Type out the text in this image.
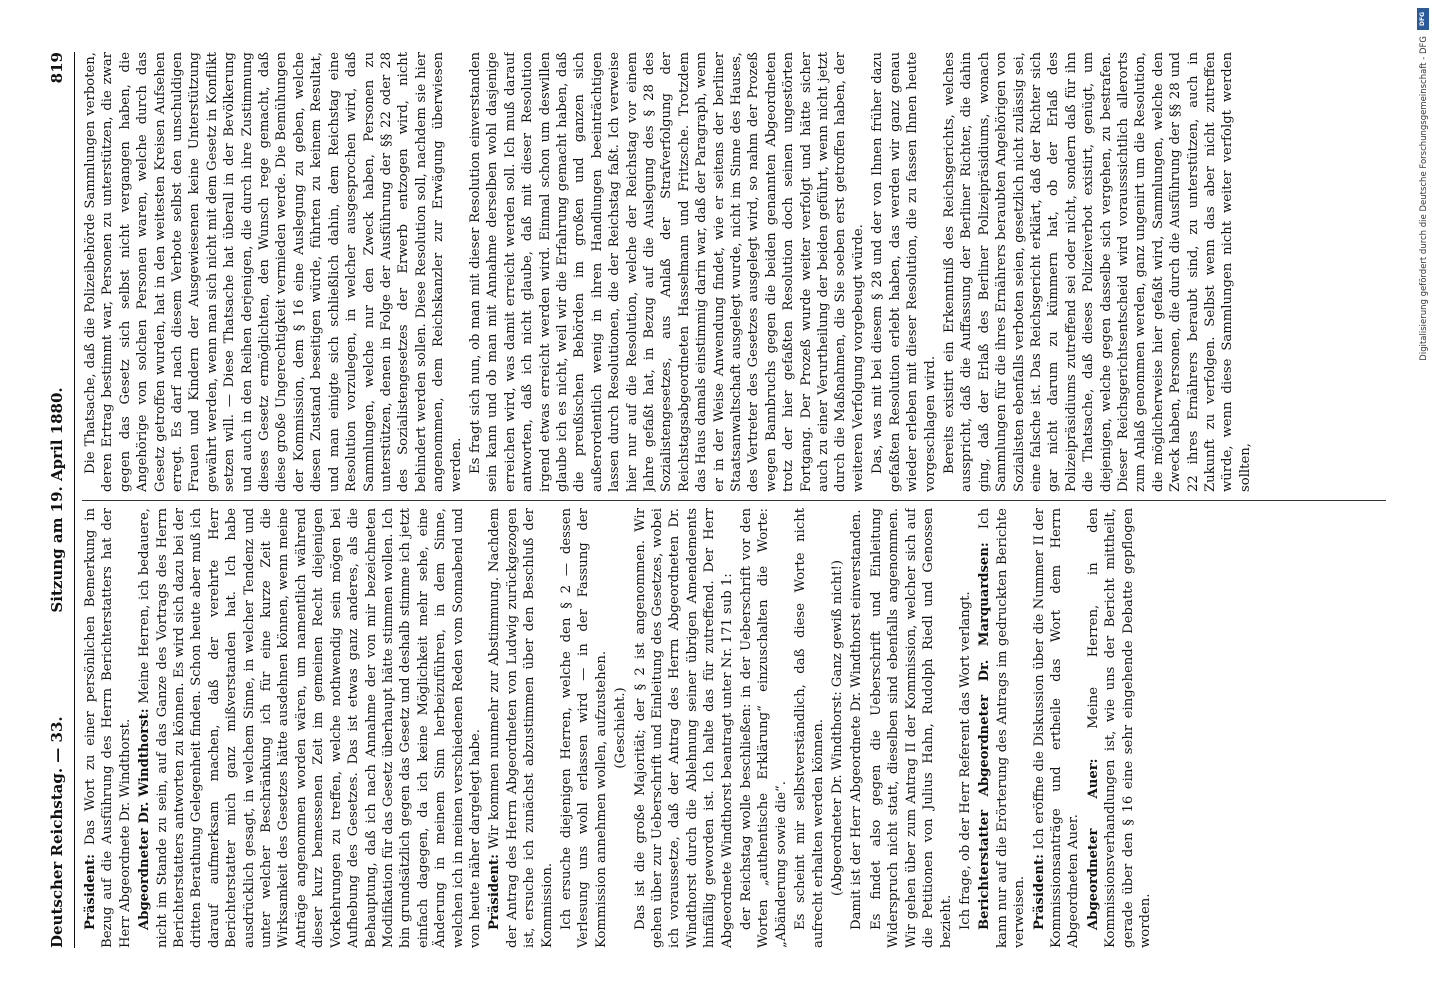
Deutscher Reichstag. — 33.
Sitzung am 19. April 1880.
819

Präsident: Das Wort zu einer persönlichen Bemerkung in Bezug auf die Ausführung des Herrn Berichterstatters hat der Herr Abgeordnete Dr. Windthorst. Abgeordneter Dr. Windthorst: Meine Herren, ich bedauere, nicht im Stande zu sein, auf das Ganze des Vortrags des Herrn Berichterstatters antworten zu können. Es wird sich dazu bei der dritten Berathung Gelegenheit finden. Schon heute aber muß ich darauf aufmerksam machen, daß der verehrte Herr Berichterstatter mich ganz mißverstanden hat. Ich habe ausdrücklich gesagt, in welchem Sinne, in welcher Tendenz und unter welcher Beschränkung ich für eine kurze Zeit die Wirksamkeit des Gesetzes hätte ausdehnen können, wenn meine Anträge angenommen worden wären, um namentlich während dieser kurz bemessenen Zeit im gemeinen Recht diejenigen Vorkehrungen zu treffen, welche nothwendig sein mögen bei Aufhebung des Gesetzes. Das ist etwas ganz anderes, als die Behauptung, daß ich nach Annahme der von mir bezeichneten Modifikation für das Gesetz überhaupt hätte stimmen wollen. Ich bin grundsätzlich gegen das Gesetz und deshalb stimme ich jetzt einfach dagegen, da ich keine Möglichkeit mehr sehe, eine Änderung in meinem Sinn herbeizuführen, in dem Sinne, welchen ich in meinen verschiedenen Reden vom Sonnabend und von heute näher dargelegt habe. Präsident: Wir kommen nunmehr zur Abstimmung. Nachdem der Antrag des Herrn Abgeordneten von Ludwig zurückgezogen ist, ersuche ich zunächst abzustimmen über den Beschluß der Kommission. Ich ersuche diejenigen Herren, welche den § 2 — dessen Verlesung uns wohl erlassen wird — in der Fassung der Kommission annehmen wollen, aufzustehen. (Geschieht.) Das ist die große Majorität; der § 2 ist angenommen. Wir gehen über zur Ueberschrift und Einleitung des Gesetzes, wobei ich voraussetze, daß der Antrag des Herrn Abgeordneten Dr. Windthorst durch die Ablehnung seiner übrigen Amendements hinfällig geworden ist. Ich halte das für zutreffend. Der Herr Abgeordnete Windthorst beantragt unter Nr. 171 sub 1: der Reichstag wolle beschließen: in der Ueberschrift vor den Worten „authentische Erklärung“ einzuschalten die Worte: „Abänderung sowie die“. Es scheint mir selbstverständlich, daß diese Worte nicht aufrecht erhalten werden können. (Abgeordneter Dr. Windthorst: Ganz gewiß nicht!) Damit ist der Herr Abgeordnete Dr. Windthorst einverstanden. Es findet also gegen die Ueberschrift und Einleitung Widerspruch nicht statt, dieselben sind ebenfalls angenommen. Wir gehen über zum Antrag II der Kommission, welcher sich auf die Petitionen von Julius Hahn, Rudolph Riedl und Genossen bezieht. Ich frage, ob der Herr Referent das Wort verlangt. Berichterstatter Abgeordneter Dr. Marquardsen: Ich kann nur auf die Erörterung des Antrags im gedruckten Berichte verweisen. Präsident: Ich eröffne die Diskussion über die Nummer II der Kommissionsanträge und ertheile das Wort dem Herrn Abgeordneten Auer. Abgeordneter Auer: Meine Herren, in den Kommissionsverhandlungen ist, wie uns der Bericht mittheilt, gerade über den § 16 eine sehr eingehende Debatte gepflogen worden.

Die Thatsache, daß die Polizeibehörde Sammlungen verboten, deren Ertrag bestimmt war, Personen zu unterstützen, die zwar gegen das Gesetz sich selbst nicht vergangen haben, die Angehörige von solchen Personen waren, welche durch das Gesetz getroffen wurden, hat in den weitesten Kreisen Aufsehen erregt. Es darf nach diesem Verbote selbst den unschuldigen Frauen und Kindern der Ausgewiesenen keine Unterstützung gewährt werden, wenn man sich nicht mit dem Gesetz in Konflikt setzen will. — Diese Thatsache hat überall in der Bevölkerung und auch in den Reihen derjenigen, die durch ihre Zustimmung dieses Gesetz ermöglichten, den Wunsch rege gemacht, daß diese große Ungerechtigkeit vermieden werde. Die Bemühungen der Kommission, dem § 16 eine Auslegung zu geben, welche diesen Zustand beseitigen würde, führten zu keinem Resultat, und man einigte sich schließlich dahin, dem Reichstag eine Resolution vorzulegen, in welcher ausgesprochen wird, daß Sammlungen, welche nur den Zweck haben, Personen zu unterstützen, denen in Folge der Ausführung der §§ 22 oder 28 des Sozialistengesetzes der Erwerb entzogen wird, nicht behindert werden sollen. Diese Resolution soll, nachdem sie hier angenommen, dem Reichskanzler zur Erwägung überwiesen werden. Es fragt sich nun, ob man mit dieser Resolution einverstanden sein kann und ob man mit Annahme derselben wohl dasjenige erreichen wird, was damit erreicht werden soll. Ich muß darauf antworten, daß ich nicht glaube, daß mit dieser Resolution irgend etwas erreicht werden wird. Einmal schon um deswillen glaube ich es nicht, weil wir die Erfahrung gemacht haben, daß die preußischen Behörden im großen und ganzen sich außerordentlich wenig in ihren Handlungen beeinträchtigen lassen durch Resolutionen, die der Reichstag faßt. Ich verweise hier nur auf die Resolution, welche der Reichstag vor einem Jahre gefaßt hat, in Bezug auf die Auslegung des § 28 des Sozialistengesetzes, aus Anlaß der Strafverfolgung der Reichstagsabgeordneten Hasselmann und Fritzsche. Trotzdem das Haus damals einstimmig darin war, daß der Paragraph, wenn er in der Weise Anwendung findet, wie er seitens der berliner Staatsanwaltschaft ausgelegt wurde, nicht im Sinne des Hauses, des Vertreter des Gesetzes ausgelegt wird, so nahm der Prozeß wegen Bannbruchs gegen die beiden genannten Abgeordneten trotz der hier gefaßten Resolution doch seinen ungestörten Fortgang. Der Prozeß wurde weiter verfolgt und hätte sicher auch zu einer Verurtheilung der beiden geführt, wenn nicht jetzt durch die Maßnahmen, die Sie soeben erst getroffen haben, der weiteren Verfolgung vorgebeugt würde. Das, was mit bei diesem § 28 und der von Ihnen früher dazu gefaßten Resolution erlebt haben, das werden wir ganz genau wieder erleben mit dieser Resolution, die zu fassen Ihnen heute vorgeschlagen wird. Bereits existirt ein Erkenntniß des Reichsgerichts, welches ausspricht, daß die Auffassung der Berliner Richter, die dahin ging, daß der Erlaß des Berliner Polizeipräsidiums, wonach Sammlungen für die ihres Ernährers beraubten Angehörigen von Sozialisten ebenfalls verboten seien, gesetzlich nicht zulässig sei, eine falsche ist. Das Reichsgericht erklärt, daß der Richter sich gar nicht darum zu kümmern hat, ob der Erlaß des Polizeipräsidiums zutreffend sei oder nicht, sondern daß für ihn die Thatsache, daß dieses Polizeiverbot existirt, genügt, um diejenigen, welche gegen dasselbe sich vergehen, zu bestrafen. Dieser Reichsgerichtsentscheid wird vorausssichtlich allerorts zum Anlaß genommen werden, ganz ungenirt um die Resolution, die möglicherweise hier gefaßt wird, Sammlungen, welche den Zweck haben, Personen, die durch die Ausführung der §§ 28 und 22 ihres Ernährers beraubt sind, zu unterstützen, auch in Zukunft zu verfolgen. Selbst wenn das aber nicht zutreffen würde, wenn diese Sammlungen nicht weiter verfolgt werden sollten,

DFG
Digitalisierung gefördert durch die Deutsche Forschungsgemeinschaft - DFG
